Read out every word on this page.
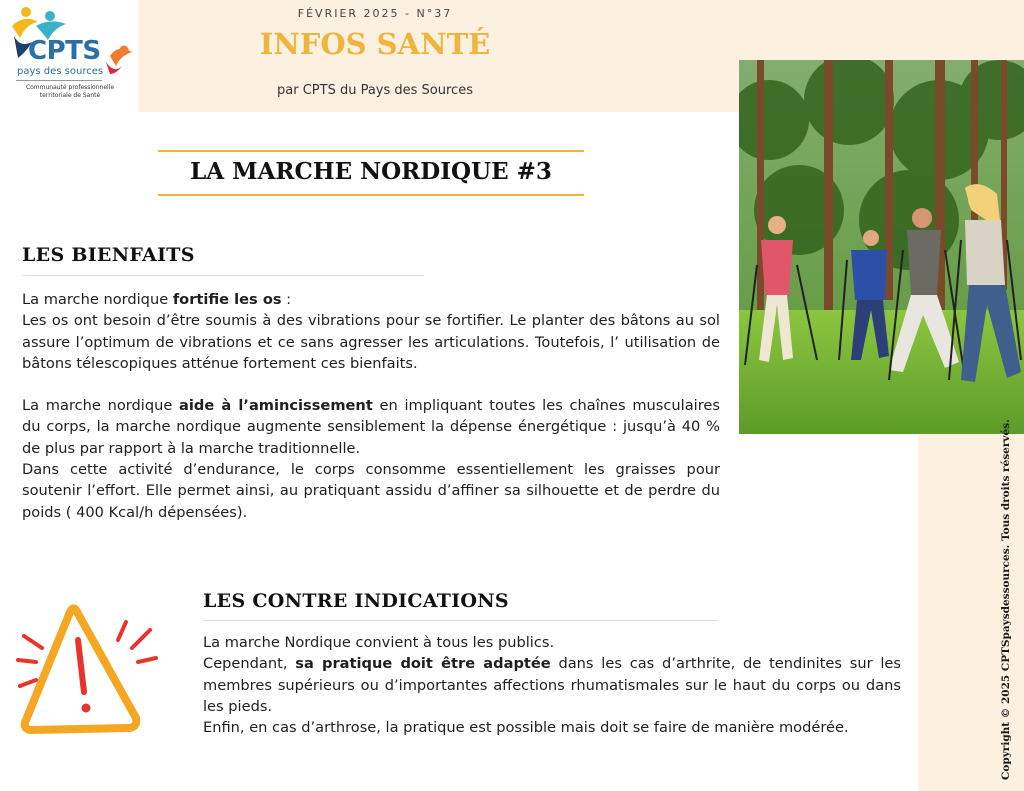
CPTS
pays des sources
Communauté professionnelle territoriale de Santé
FÉVRIER 2025 - N°37
INFOS SANTÉ
par CPTS du Pays des Sources
LA MARCHE NORDIQUE #3
LES BIENFAITS

La marche nordique fortifie les os :

Les os ont besoin d’être soumis à des vibrations pour se fortifier. Le planter des bâtons au sol assure l’optimum de vibrations et ce sans agresser les articulations. Toutefois, l’ utilisation de bâtons télescopiques atténue fortement ces bienfaits.

La marche nordique aide à l’amincissement en impliquant toutes les chaînes musculaires du corps, la marche nordique augmente sensiblement la dépense énergétique : jusqu’à 40 % de plus par rapport à la marche traditionnelle.

Dans cette activité d’endurance, le corps consomme essentiellement les graisses pour soutenir l’effort. Elle permet ainsi, au pratiquant assidu d’affiner sa silhouette et de perdre du poids ( 400 Kcal/h dépensées).

LES CONTRE INDICATIONS

La marche Nordique convient à tous les publics.

Cependant, sa pratique doit être adaptée dans les cas d’arthrite, de tendinites sur les membres supérieurs ou d’importantes affections rhumatismales sur le haut du corps ou dans les pieds.

Enfin, en cas d’arthrose, la pratique est possible mais doit se faire de manière modérée.	Copyright © 2025 CPTSpaysdessources. Tous droits réservés.
